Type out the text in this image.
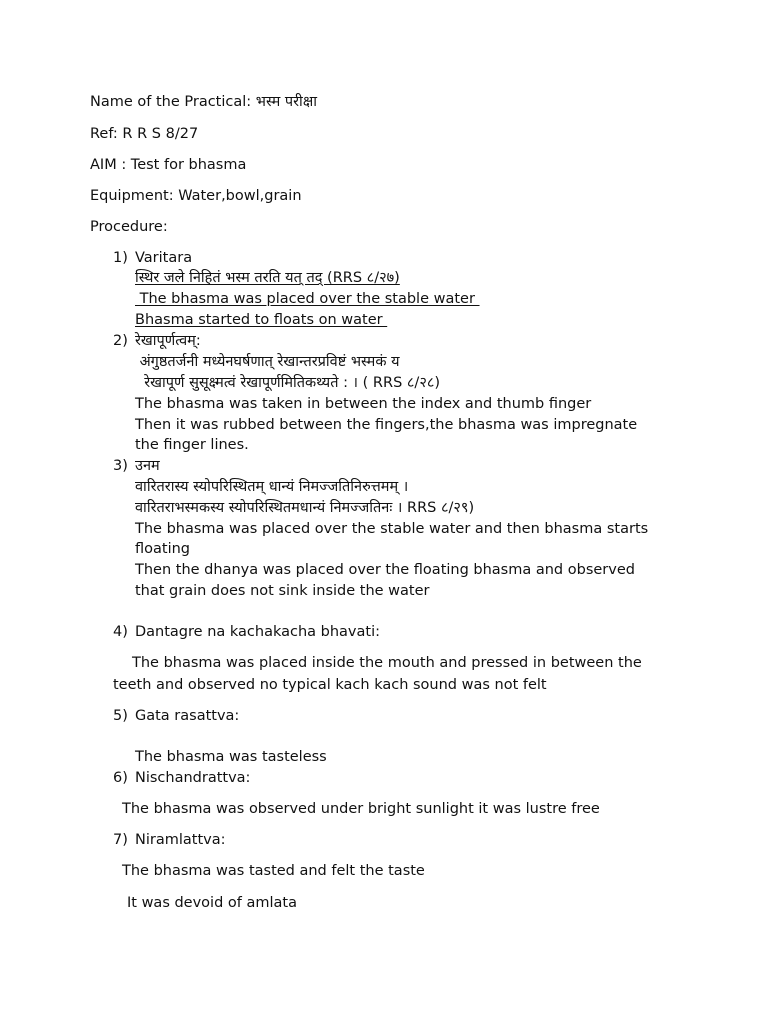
Name of the Practical: भस्म परीक्षा
Ref: R R S 8/27
AIM : Test for bhasma
Equipment: Water,bowl,grain
Procedure:
1) Varitara
स्थिर जले निहितं भस्म तरति यत् तद् (RRS ८/२७)
The bhasma was placed over the stable water
Bhasma started to floats on water
2) रेखापूर्णत्वम्:
अंगुष्ठतर्जनी मध्येनघर्षणात् रेखान्तरप्रविष्टं भस्मकं य
रेखापूर्ण सुसूक्ष्मत्वं रेखापूर्णमितिकथ्यते : । ( RRS ८/२८)
The bhasma was taken in between the index and thumb finger
Then it was rubbed between the fingers,the bhasma was impregnate
the finger lines.
3) उनम
वारितरास्य स्योपरिस्थितम् धान्यं निमज्जतिनिरुत्तमम् ।
वारितराभस्मकस्य स्योपरिस्थितमधान्यं निमज्जतिनः । RRS ८/२९)
The bhasma was placed over the stable water and then bhasma starts
floating
Then the dhanya was placed over the floating bhasma and observed
that grain does not sink inside the water
4) Dantagre na kachakacha bhavati:
The bhasma was placed inside the mouth and pressed in between the
teeth and observed no typical kach kach sound was not felt
5) Gata rasattva:
The bhasma was tasteless
6) Nischandrattva:
The bhasma was observed under bright sunlight it was lustre free
7) Niramlattva:
The bhasma was tasted and felt the taste
It was devoid of amlata
